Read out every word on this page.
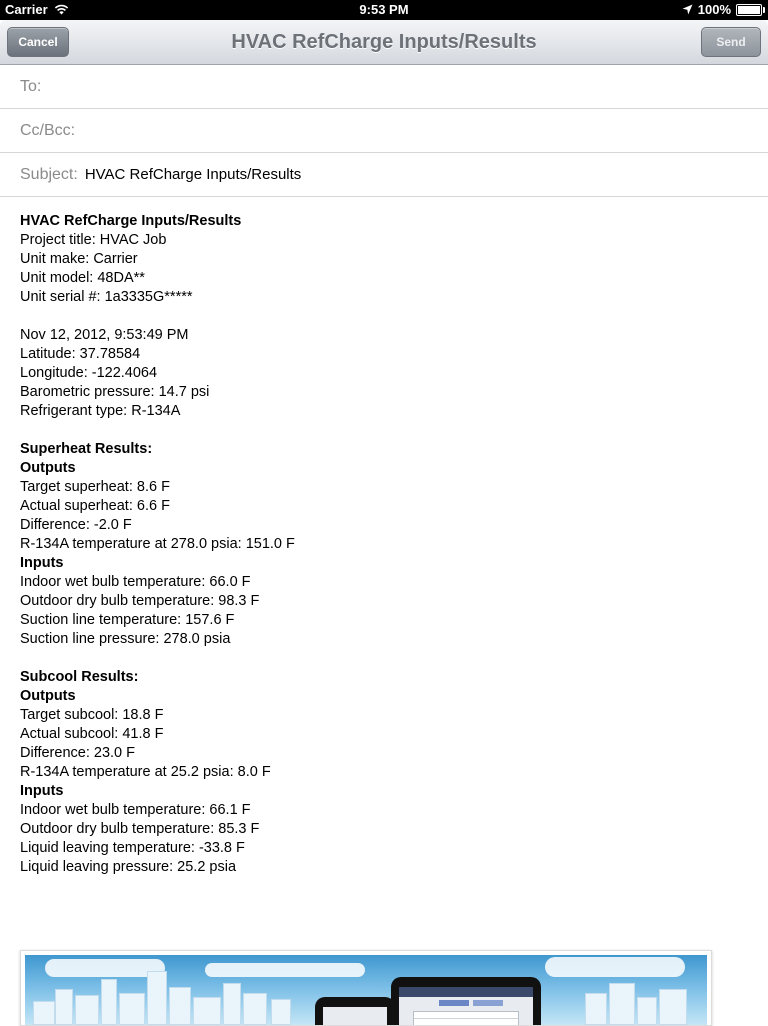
Carrier	9:53 PM	100%
Cancel	HVAC RefCharge Inputs/Results	Send
To:
Cc/Bcc:
Subject: HVAC RefCharge Inputs/Results
HVAC RefCharge Inputs/Results
Project title: HVAC Job
Unit make: Carrier
Unit model: 48DA**
Unit serial #: 1a3335G*****
Nov 12, 2012, 9:53:49 PM
Latitude: 37.78584
Longitude: -122.4064
Barometric pressure: 14.7 psi
Refrigerant type: R-134A
Superheat Results:
Outputs
Target superheat: 8.6 F
Actual superheat: 6.6 F
Difference: -2.0 F
R-134A temperature at 278.0 psia: 151.0 F
Inputs
Indoor wet bulb temperature: 66.0 F
Outdoor dry bulb temperature: 98.3 F
Suction line temperature: 157.6 F
Suction line pressure: 278.0 psia
Subcool Results:
Outputs
Target subcool: 18.8 F
Actual subcool: 41.8 F
Difference: 23.0 F
R-134A temperature at 25.2 psia: 8.0 F
Inputs
Indoor wet bulb temperature: 66.1 F
Outdoor dry bulb temperature: 85.3 F
Liquid leaving temperature: -33.8 F
Liquid leaving pressure: 25.2 psia
